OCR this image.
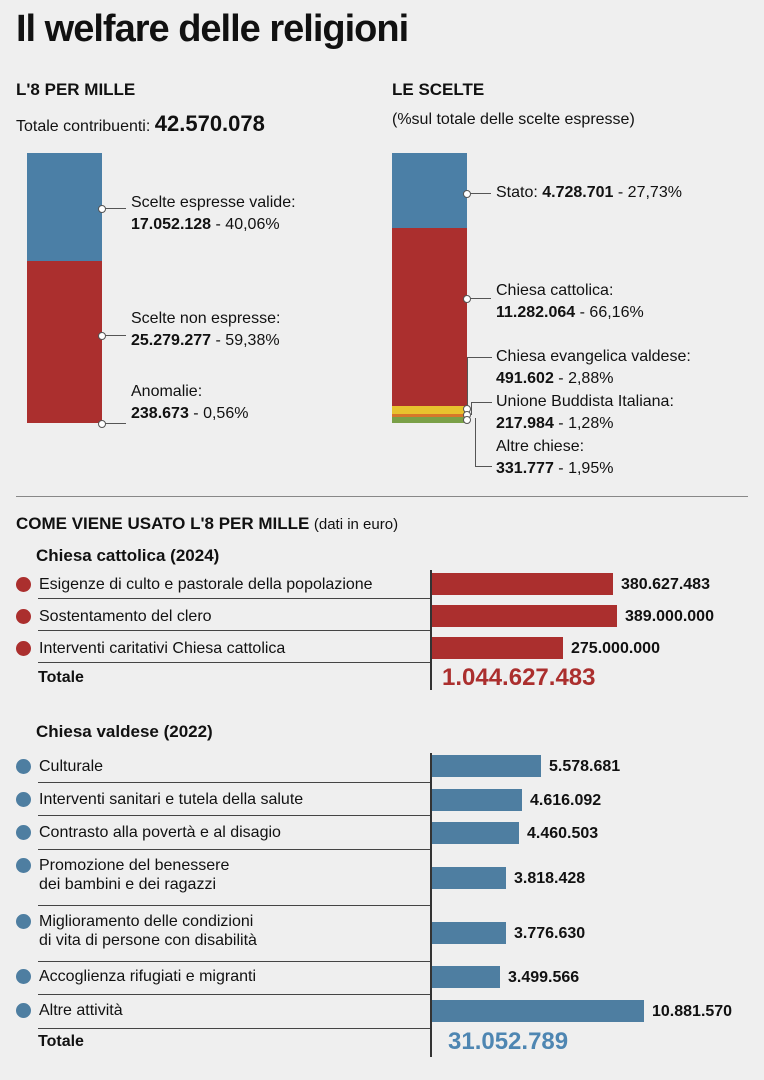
Il welfare delle religioni
L'8 PER MILLE
Totale contribuenti: 42.570.078
Scelte espresse valide:
17.052.128 - 40,06%
Scelte non espresse:
25.279.277 - 59,38%
Anomalie:
238.673 - 0,56%
LE SCELTE
(%sul totale delle scelte espresse)
Stato: 4.728.701 - 27,73%
Chiesa cattolica:
11.282.064 - 66,16%
Chiesa evangelica valdese:
491.602 - 2,88%
Unione Buddista Italiana:
217.984 - 1,28%
Altre chiese:
331.777 - 1,95%
COME VIENE USATO L'8 PER MILLE (dati in euro)
Chiesa cattolica (2024)
Esigenze di culto e pastorale della popolazione	380.627.483
Sostentamento del clero	389.000.000
Interventi caritativi Chiesa cattolica	275.000.000
Totale	1.044.627.483
Chiesa valdese (2022)
Culturale	5.578.681
Interventi sanitari e tutela della salute	4.616.092
Contrasto alla povertà e al disagio	4.460.503
Promozione del benessere
dei bambini e dei ragazzi	3.818.428
Miglioramento delle condizioni
di vita di persone con disabilità	3.776.630
Accoglienza rifugiati e migranti	3.499.566
Altre attività	10.881.570
Totale	31.052.789
